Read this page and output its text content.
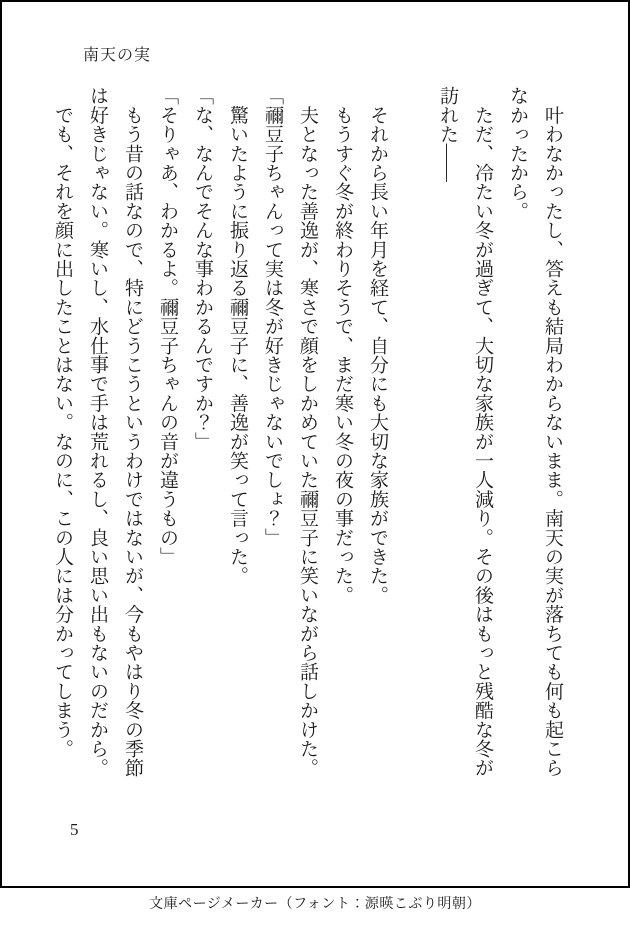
南天の実
　叶わなかったし、答えも結局わからないまま。南天の実が落ちても何も起こら
なかったから。
　ただ、冷たい冬が過ぎて、大切な家族が一人減り。その後はもっと残酷な冬が
訪れた――

　それから長い年月を経て、自分にも大切な家族ができた。
　もうすぐ冬が終わりそうで、まだ寒い冬の夜の事だった。
　夫となった善逸が、寒さで顔をしかめていた禰豆子に笑いながら話しかけた。
「禰豆子ちゃんって実は冬が好きじゃないでしょ？」
　驚いたように振り返る禰豆子に、善逸が笑って言った。
「な、なんでそんな事わかるんですか？」
「そりゃあ、わかるよ。禰豆子ちゃんの音が違うもの」
　もう昔の話なので、特にどうこうというわけではないが、今もやはり冬の季節
は好きじゃない。寒いし、水仕事で手は荒れるし、良い思い出もないのだから。
　でも、それを顔に出したことはない。なのに、この人には分かってしまう。
5
文庫ページメーカー（フォント：源暎こぶり明朝）
